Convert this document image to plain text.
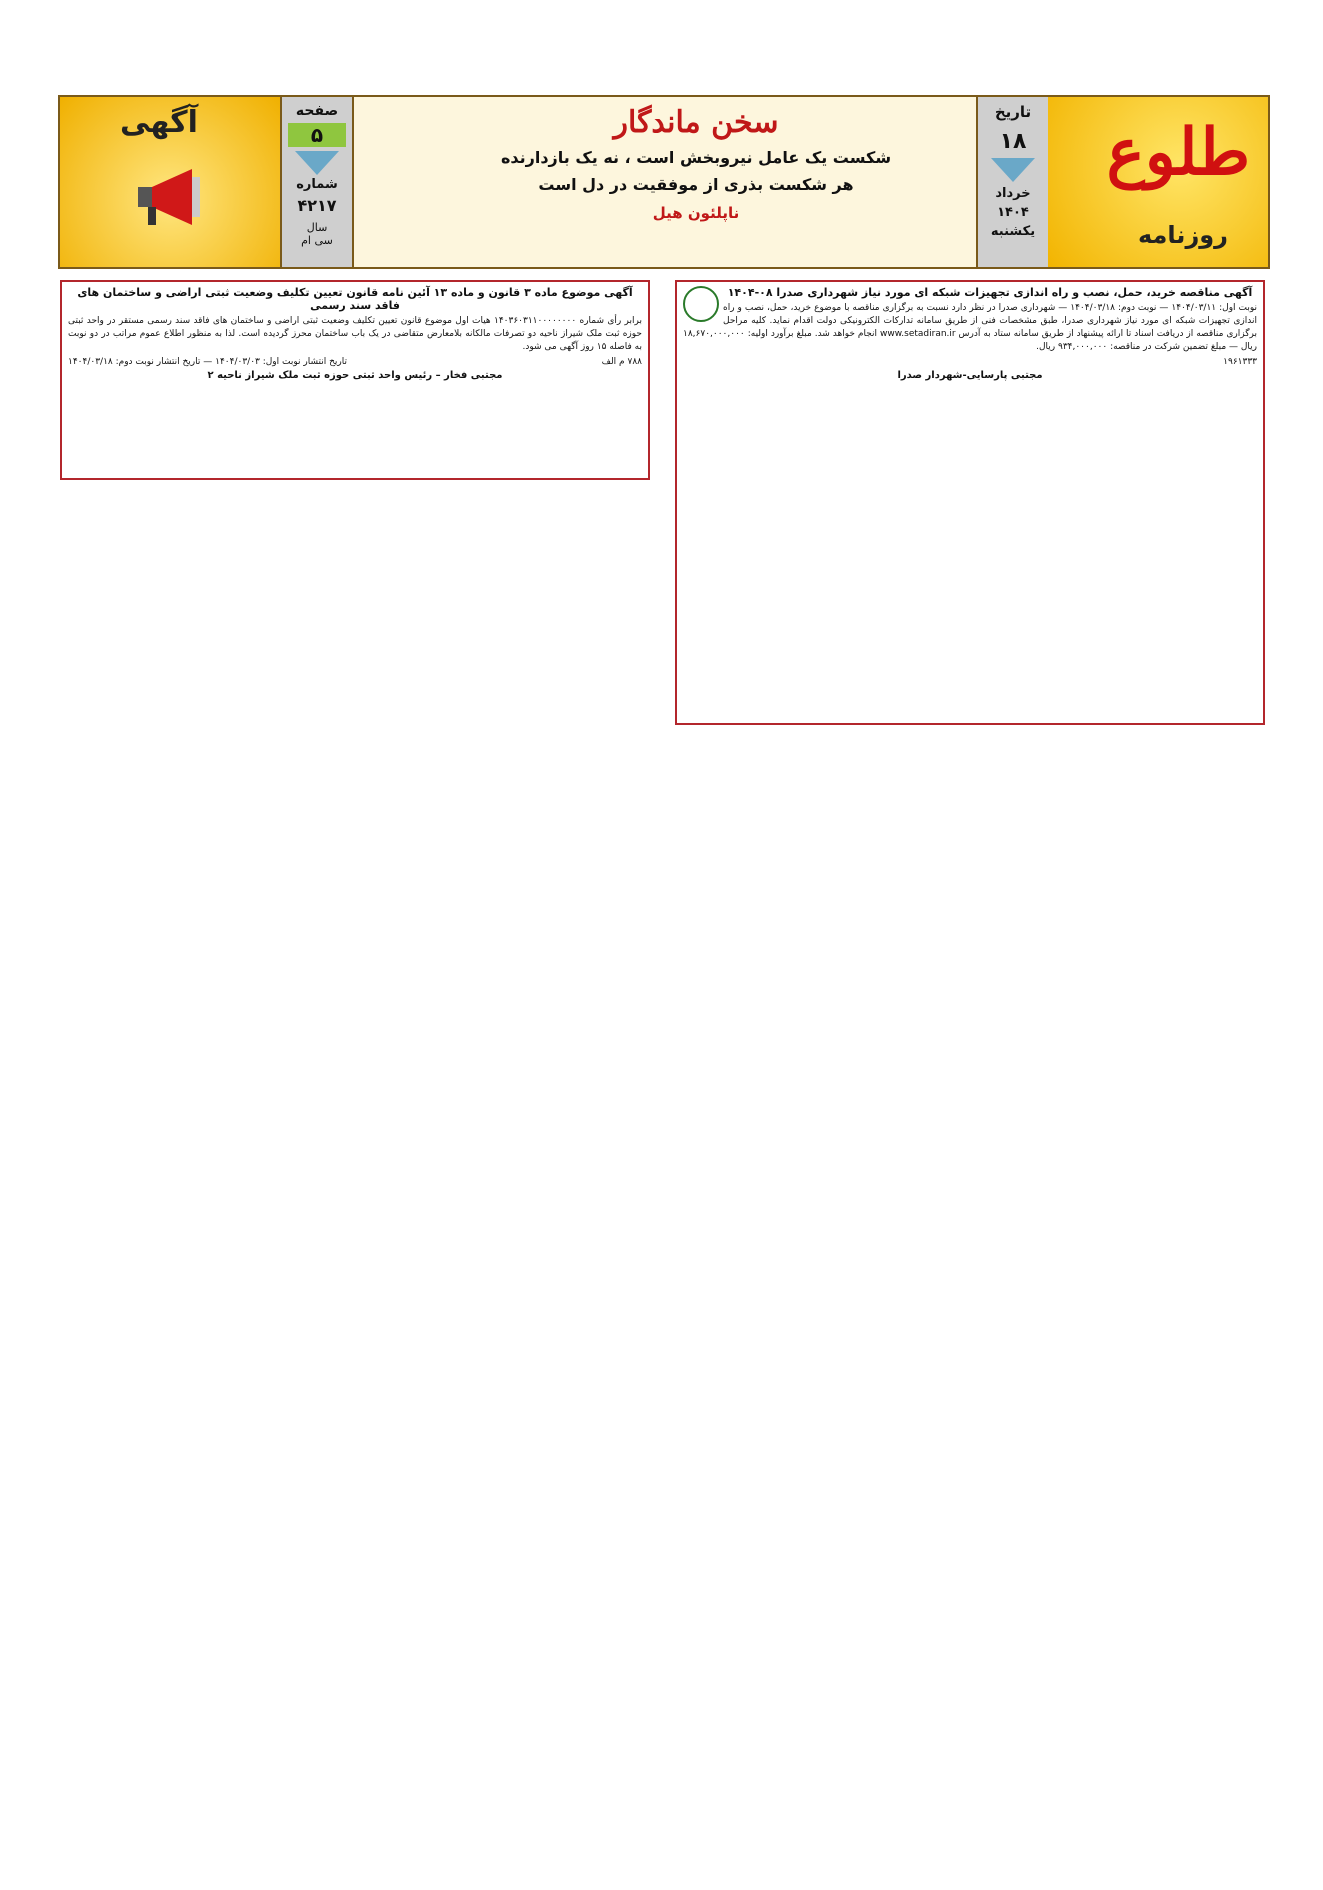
طلوع
روزنامه
تاریخ
۱۸
خرداد
۱۴۰۴
یکشنبه
سخن ماندگار
شکست یک عامل نیروبخش است ، نه یک بازدارنده
هر شکست بذری از موفقیت در دل است
ناپلئون هیل
صفحه
۵
شماره
۴۲۱۷
سال
سی ام
آگهی
آگهی مناقصه خرید، حمل، نصب و راه اندازی تجهیزات شبکه ای مورد نیاز شهرداری صدرا ۰۸-۱۴۰۴
نوبت اول: ۱۴۰۴/۰۳/۱۱ — نوبت دوم: ۱۴۰۴/۰۳/۱۸ — شهرداری صدرا در نظر دارد نسبت به برگزاری مناقصه با موضوع خرید، حمل، نصب و راه اندازی تجهیزات شبکه ای مورد نیاز شهرداری صدرا، طبق مشخصات فنی از طریق سامانه تدارکات الکترونیکی دولت اقدام نماید. کلیه مراحل برگزاری مناقصه از دریافت اسناد تا ارائه پیشنهاد از طریق سامانه ستاد به آدرس www.setadiran.ir انجام خواهد شد. مبلغ برآورد اولیه: ۱۸,۶۷۰,۰۰۰,۰۰۰ ریال — مبلغ تضمین شرکت در مناقصه: ۹۳۴,۰۰۰,۰۰۰ ریال.
۱۹۶۱۳۳۳
مجتبی پارسایی-شهردار صدرا
آگهی موضوع ماده ۳ قانون و ماده ۱۳ آئین نامه قانون تعیین تکلیف وضعیت ثبتی اراضی و ساختمان های فاقد سند رسمی
برابر رأی شماره ۱۴۰۳۶۰۳۱۱۰۰۰۰۰۰۰۰ هیات اول موضوع قانون تعیین تکلیف وضعیت ثبتی اراضی و ساختمان های فاقد سند رسمی مستقر در واحد ثبتی حوزه ثبت ملک شیراز ناحیه دو تصرفات مالکانه بلامعارض متقاضی در یک باب ساختمان محرز گردیده است. لذا به منظور اطلاع عموم مراتب در دو نوبت به فاصله ۱۵ روز آگهی می شود.
۷۸۸ م الف
تاریخ انتشار نوبت اول: ۱۴۰۴/۰۳/۰۳ — تاریخ انتشار نوبت دوم: ۱۴۰۴/۰۳/۱۸
مجتبی فخار – رئیس واحد ثبتی حوزه ثبت ملک شیراز ناحیه ۲
